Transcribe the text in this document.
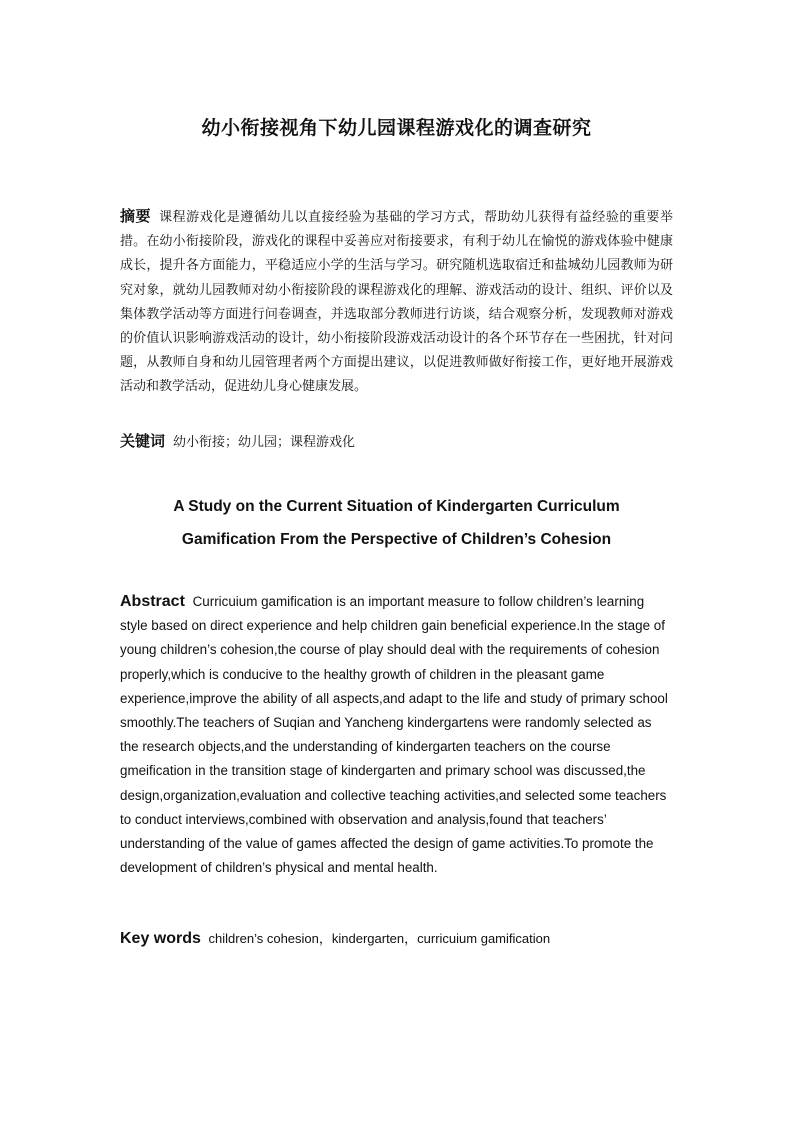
幼小衔接视角下幼儿园课程游戏化的调查研究

摘要 课程游戏化是遵循幼儿以直接经验为基础的学习方式，帮助幼儿获得有益经验的重要举措。在幼小衔接阶段，游戏化的课程中妥善应对衔接要求，有利于幼儿在愉悦的游戏体验中健康成长，提升各方面能力，平稳适应小学的生活与学习。研究随机选取宿迁和盐城幼儿园教师为研究对象，就幼儿园教师对幼小衔接阶段的课程游戏化的理解、游戏活动的设计、组织、评价以及集体教学活动等方面进行问卷调查，并选取部分教师进行访谈，结合观察分析，发现教师对游戏的价值认识影响游戏活动的设计，幼小衔接阶段游戏活动设计的各个环节存在一些困扰，针对问题，从教师自身和幼儿园管理者两个方面提出建议，以促进教师做好衔接工作，更好地开展游戏活动和教学活动，促进幼儿身心健康发展。

关键词 幼小衔接；幼儿园；课程游戏化

A Study on the Current Situation of Kindergarten Curriculum
Gamification From the Perspective of Children’s Cohesion

Abstract Curricuium gamification is an important measure to follow children’s learning style based on direct experience and help children gain beneficial experience.In the stage of young children’s cohesion,the course of play should deal with the requirements of cohesion properly,which is conducive to the healthy growth of children in the pleasant game experience,improve the ability of all aspects,and adapt to the life and study of primary school smoothly.The teachers of Suqian and Yancheng kindergartens were randomly selected as the research objects,and the understanding of kindergarten teachers on the course gmeification in the transition stage of kindergarten and primary school was discussed,the design,organization,evaluation and collective teaching activities,and selected some teachers to conduct interviews,combined with observation and analysis,found that teachers’ understanding of the value of games affected the design of game activities.To promote the development of children’s physical and mental health.

Key words children’s cohesion，kindergarten，curricuium gamification
